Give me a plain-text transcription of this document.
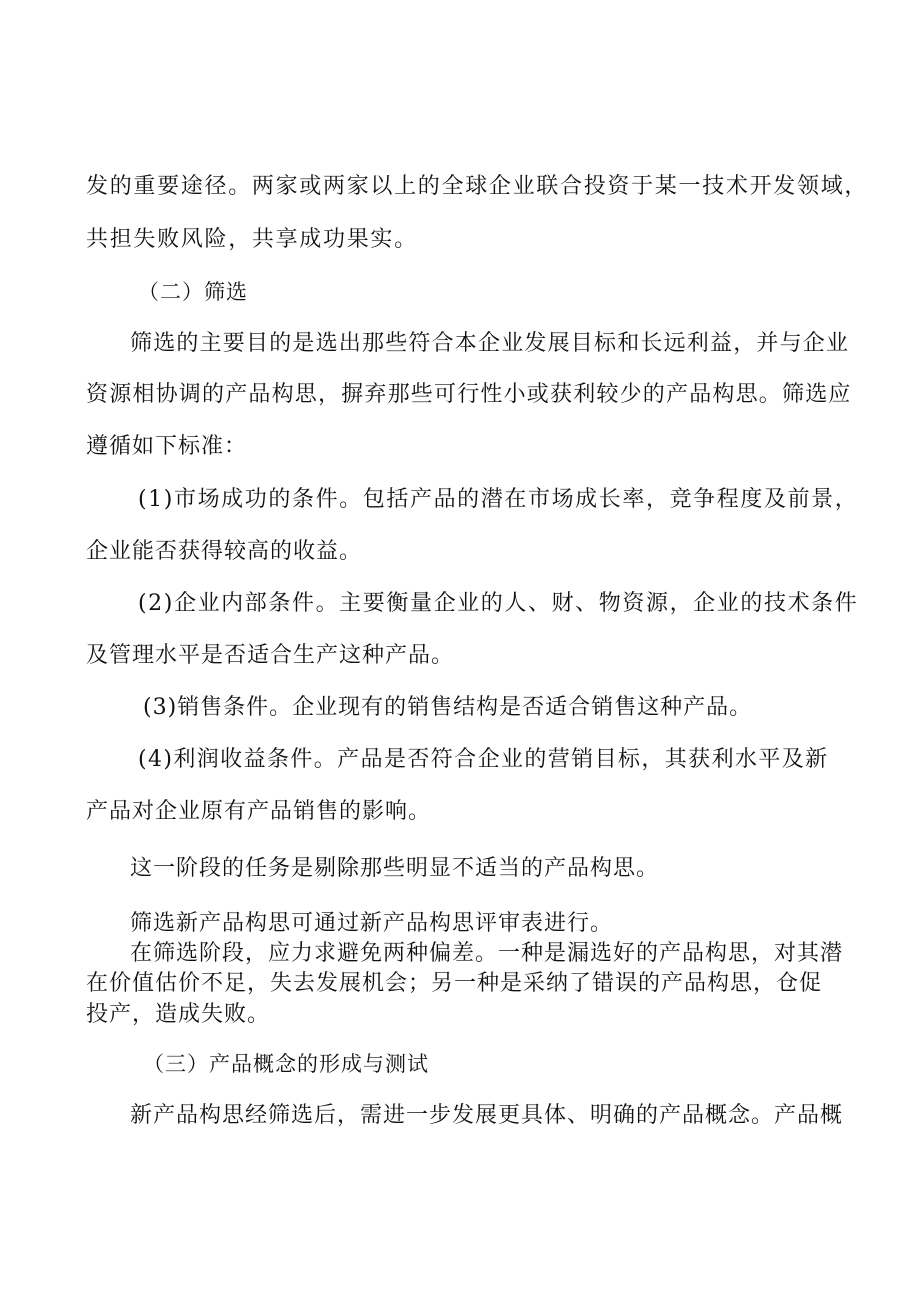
发的重要途径。两家或两家以上的全球企业联合投资于某一技术开发领域，
共担失败风险，共享成功果实。
（二）筛选
筛选的主要目的是选出那些符合本企业发展目标和长远利益，并与企业
资源相协调的产品构思，摒弃那些可行性小或获利较少的产品构思。筛选应
遵循如下标准：
(1)市场成功的条件。包括产品的潜在市场成长率，竞争程度及前景，
企业能否获得较高的收益。
(2)企业内部条件。主要衡量企业的人、财、物资源，企业的技术条件
及管理水平是否适合生产这种产品。
(3)销售条件。企业现有的销售结构是否适合销售这种产品。
(4)利润收益条件。产品是否符合企业的营销目标，其获利水平及新
产品对企业原有产品销售的影响。
这一阶段的任务是剔除那些明显不适当的产品构思。
筛选新产品构思可通过新产品构思评审表进行。
在筛选阶段，应力求避免两种偏差。一种是漏选好的产品构思，对其潜
在价值估价不足，失去发展机会；另一种是采纳了错误的产品构思，仓促
投产，造成失败。
（三）产品概念的形成与测试
新产品构思经筛选后，需进一步发展更具体、明确的产品概念。产品概
